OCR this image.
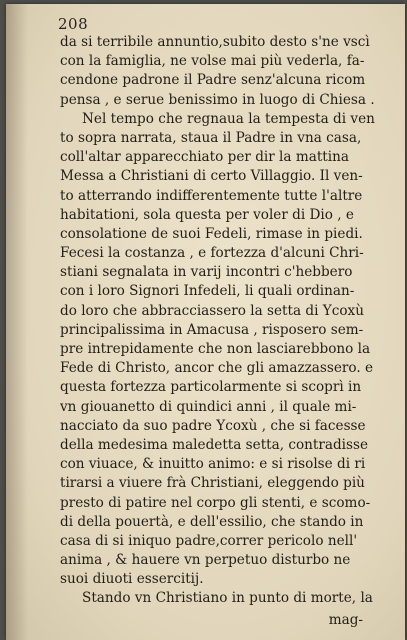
208
da si terribile annuntio,subito desto s'ne vscì
con la famiglia, ne volse mai più vederla, fa-
cendone padrone il Padre senz'alcuna ricom
pensa , e serue benissimo in luogo di Chiesa .
Nel tempo che regnaua la tempesta di ven
to sopra narrata, staua il Padre in vna casa,
coll'altar apparecchiato per dir la mattina
Messa a Christiani di certo Villaggio. Il ven-
to atterrando indifferentemente tutte l'altre
habitationi, sola questa per voler di Dio , e
consolatione de suoi Fedeli, rimase in piedi.
Fecesi la costanza , e fortezza d'alcuni Chri-
stiani segnalata in varij incontri c'hebbero
con i loro Signori Infedeli, li quali ordinan-
do loro che abbracciassero la setta di Ycoxù
principalissima in Amacusa , risposero sem-
pre intrepidamente che non lasciarebbono la
Fede di Christo, ancor che gli amazzassero. e
questa fortezza particolarmente si scoprì in
vn giouanetto di quindici anni , il quale mi-
nacciato da suo padre Ycoxù , che si facesse
della medesima maledetta setta, contradisse
con viuace, & inuitto animo: e si risolse di ri
tirarsi a viuere frà Christiani, eleggendo più
presto di patire nel corpo gli stenti, e scomo-
di della pouertà, e dell'essilio, che stando in
casa di si iniquo padre,correr pericolo nell'
anima , & hauere vn perpetuo disturbo ne
suoi diuoti essercitij.
Stando vn Christiano in punto di morte, la
mag-
